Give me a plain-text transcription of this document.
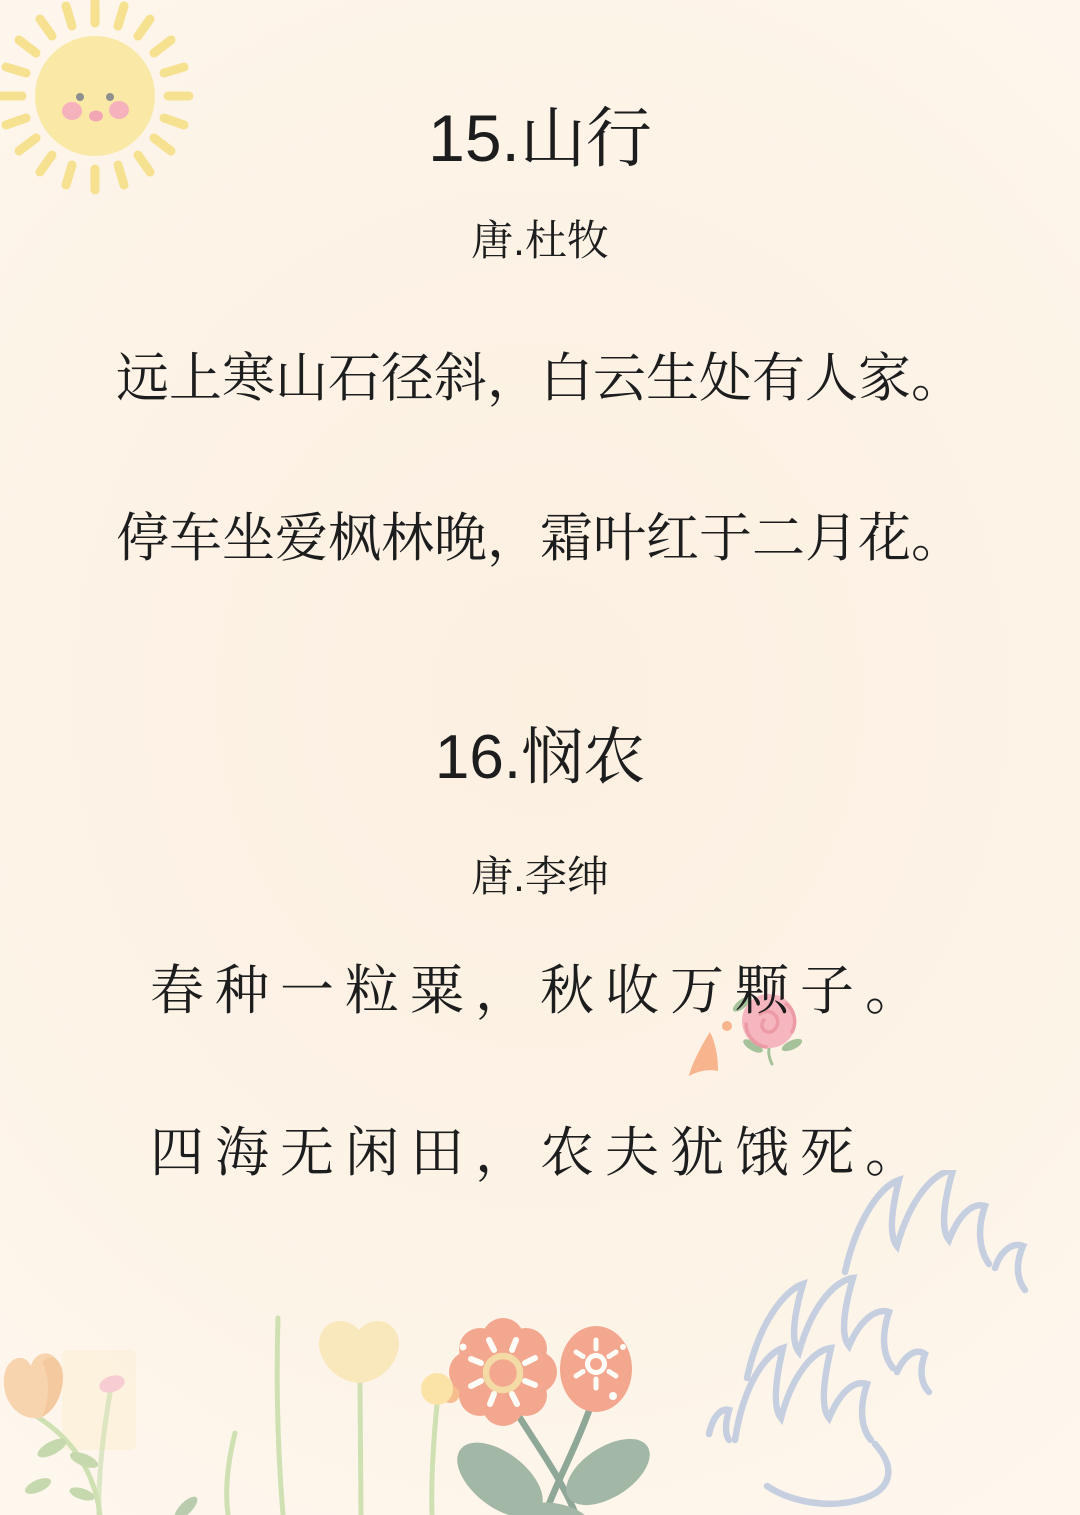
15.山行
唐.杜牧

远上寒山石径斜，白云生处有人家。

停车坐爱枫林晚，霜叶红于二月花。

16.悯农
唐.李绅

春种一粒粟，秋收万颗子。

四海无闲田，农夫犹饿死。
